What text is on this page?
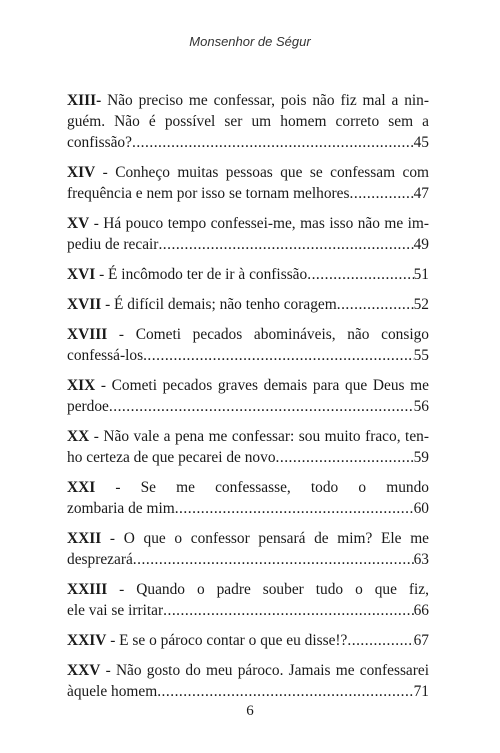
Monsenhor de Ségur
XIII- Não preciso me confessar, pois não fiz mal a nin-
guém. Não é possível ser um homem correto sem a
confissão? .....	45
XIV - Conheço muitas pessoas que se confessam com
frequência e nem por isso se tornam melhores .....	47
XV - Há pouco tempo confessei-me, mas isso não me im-
pediu de recair .....	49
XVI - É incômodo ter de ir à confissão .....	51
XVII - É difícil demais; não tenho coragem .....	52
XVIII - Cometi pecados abomináveis, não consigo
confessá-los .....	55
XIX - Cometi pecados graves demais para que Deus me
perdoe .....	56
XX - Não vale a pena me confessar: sou muito fraco, ten-
ho certeza de que pecarei de novo .....	59
XXI - Se me confessasse, todo o mundo
zombaria de mim .....	60
XXII - O que o confessor pensará de mim? Ele me
desprezará .....	63
XXIII - Quando o padre souber tudo o que fiz,
ele vai se irritar .....	66
XXIV - E se o pároco contar o que eu disse!? .....	67
XXV - Não gosto do meu pároco. Jamais me confessarei
àquele homem .....	71
6
